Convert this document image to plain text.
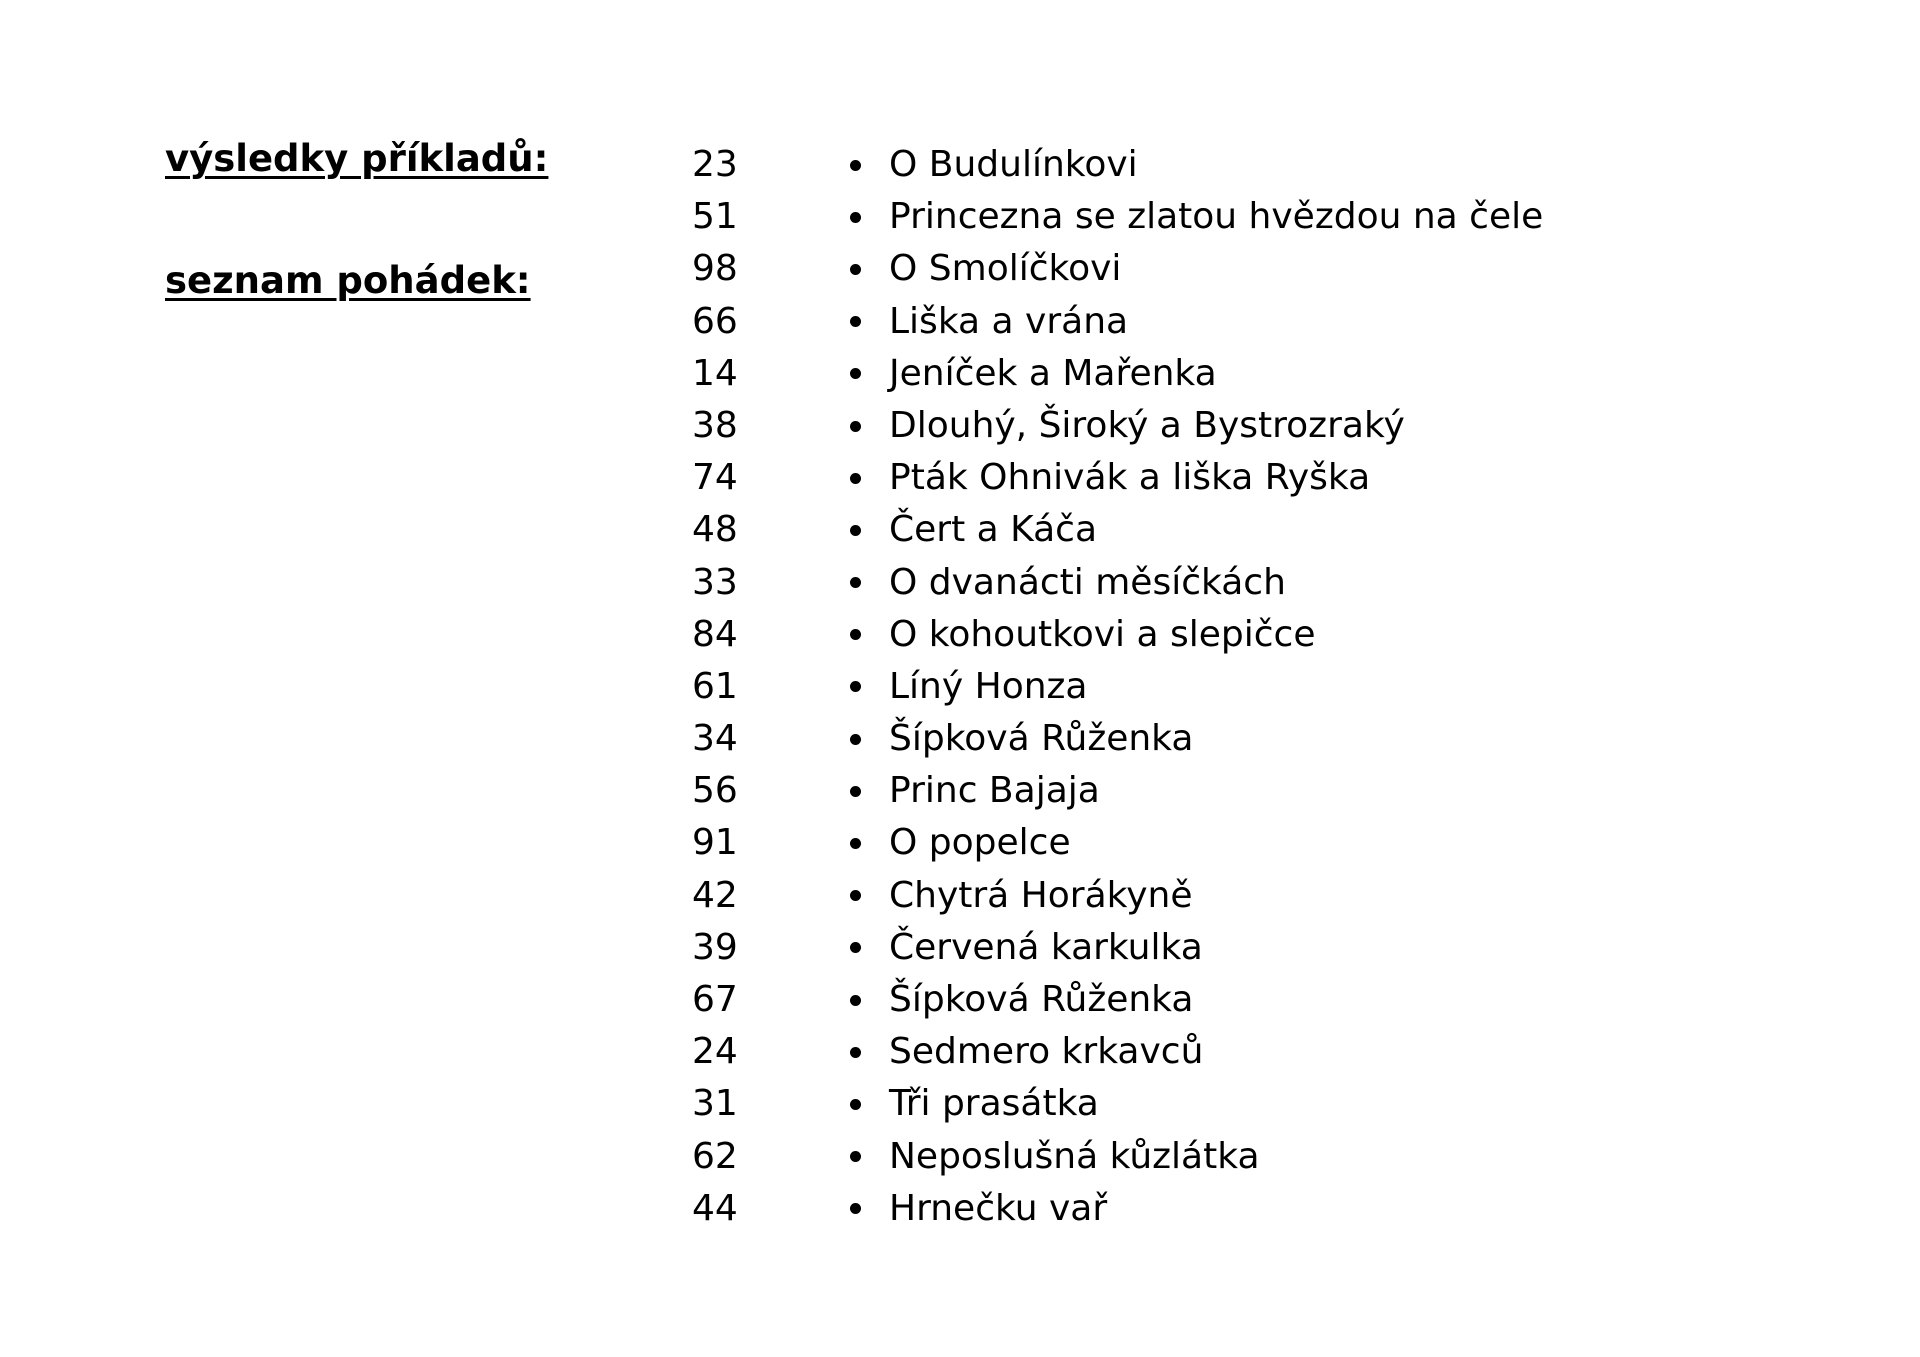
výsledky příkladů:
seznam pohádek:
23
51
98
66
14
38
74
48
33
84
61
34
56
91
42
39
67
24
31
62
44
O Budulínkovi
Princezna se zlatou hvězdou na čele
O Smolíčkovi
Liška a vrána
Jeníček a Mařenka
Dlouhý, Široký a Bystrozraký
Pták Ohnivák a liška Ryška
Čert a Káča
O dvanácti měsíčkách
O kohoutkovi a slepičce
Líný Honza
Šípková Růženka
Princ Bajaja
O popelce
Chytrá Horákyně
Červená karkulka
Šípková Růženka
Sedmero krkavců
Tři prasátka
Neposlušná kůzlátka
Hrnečku vař
